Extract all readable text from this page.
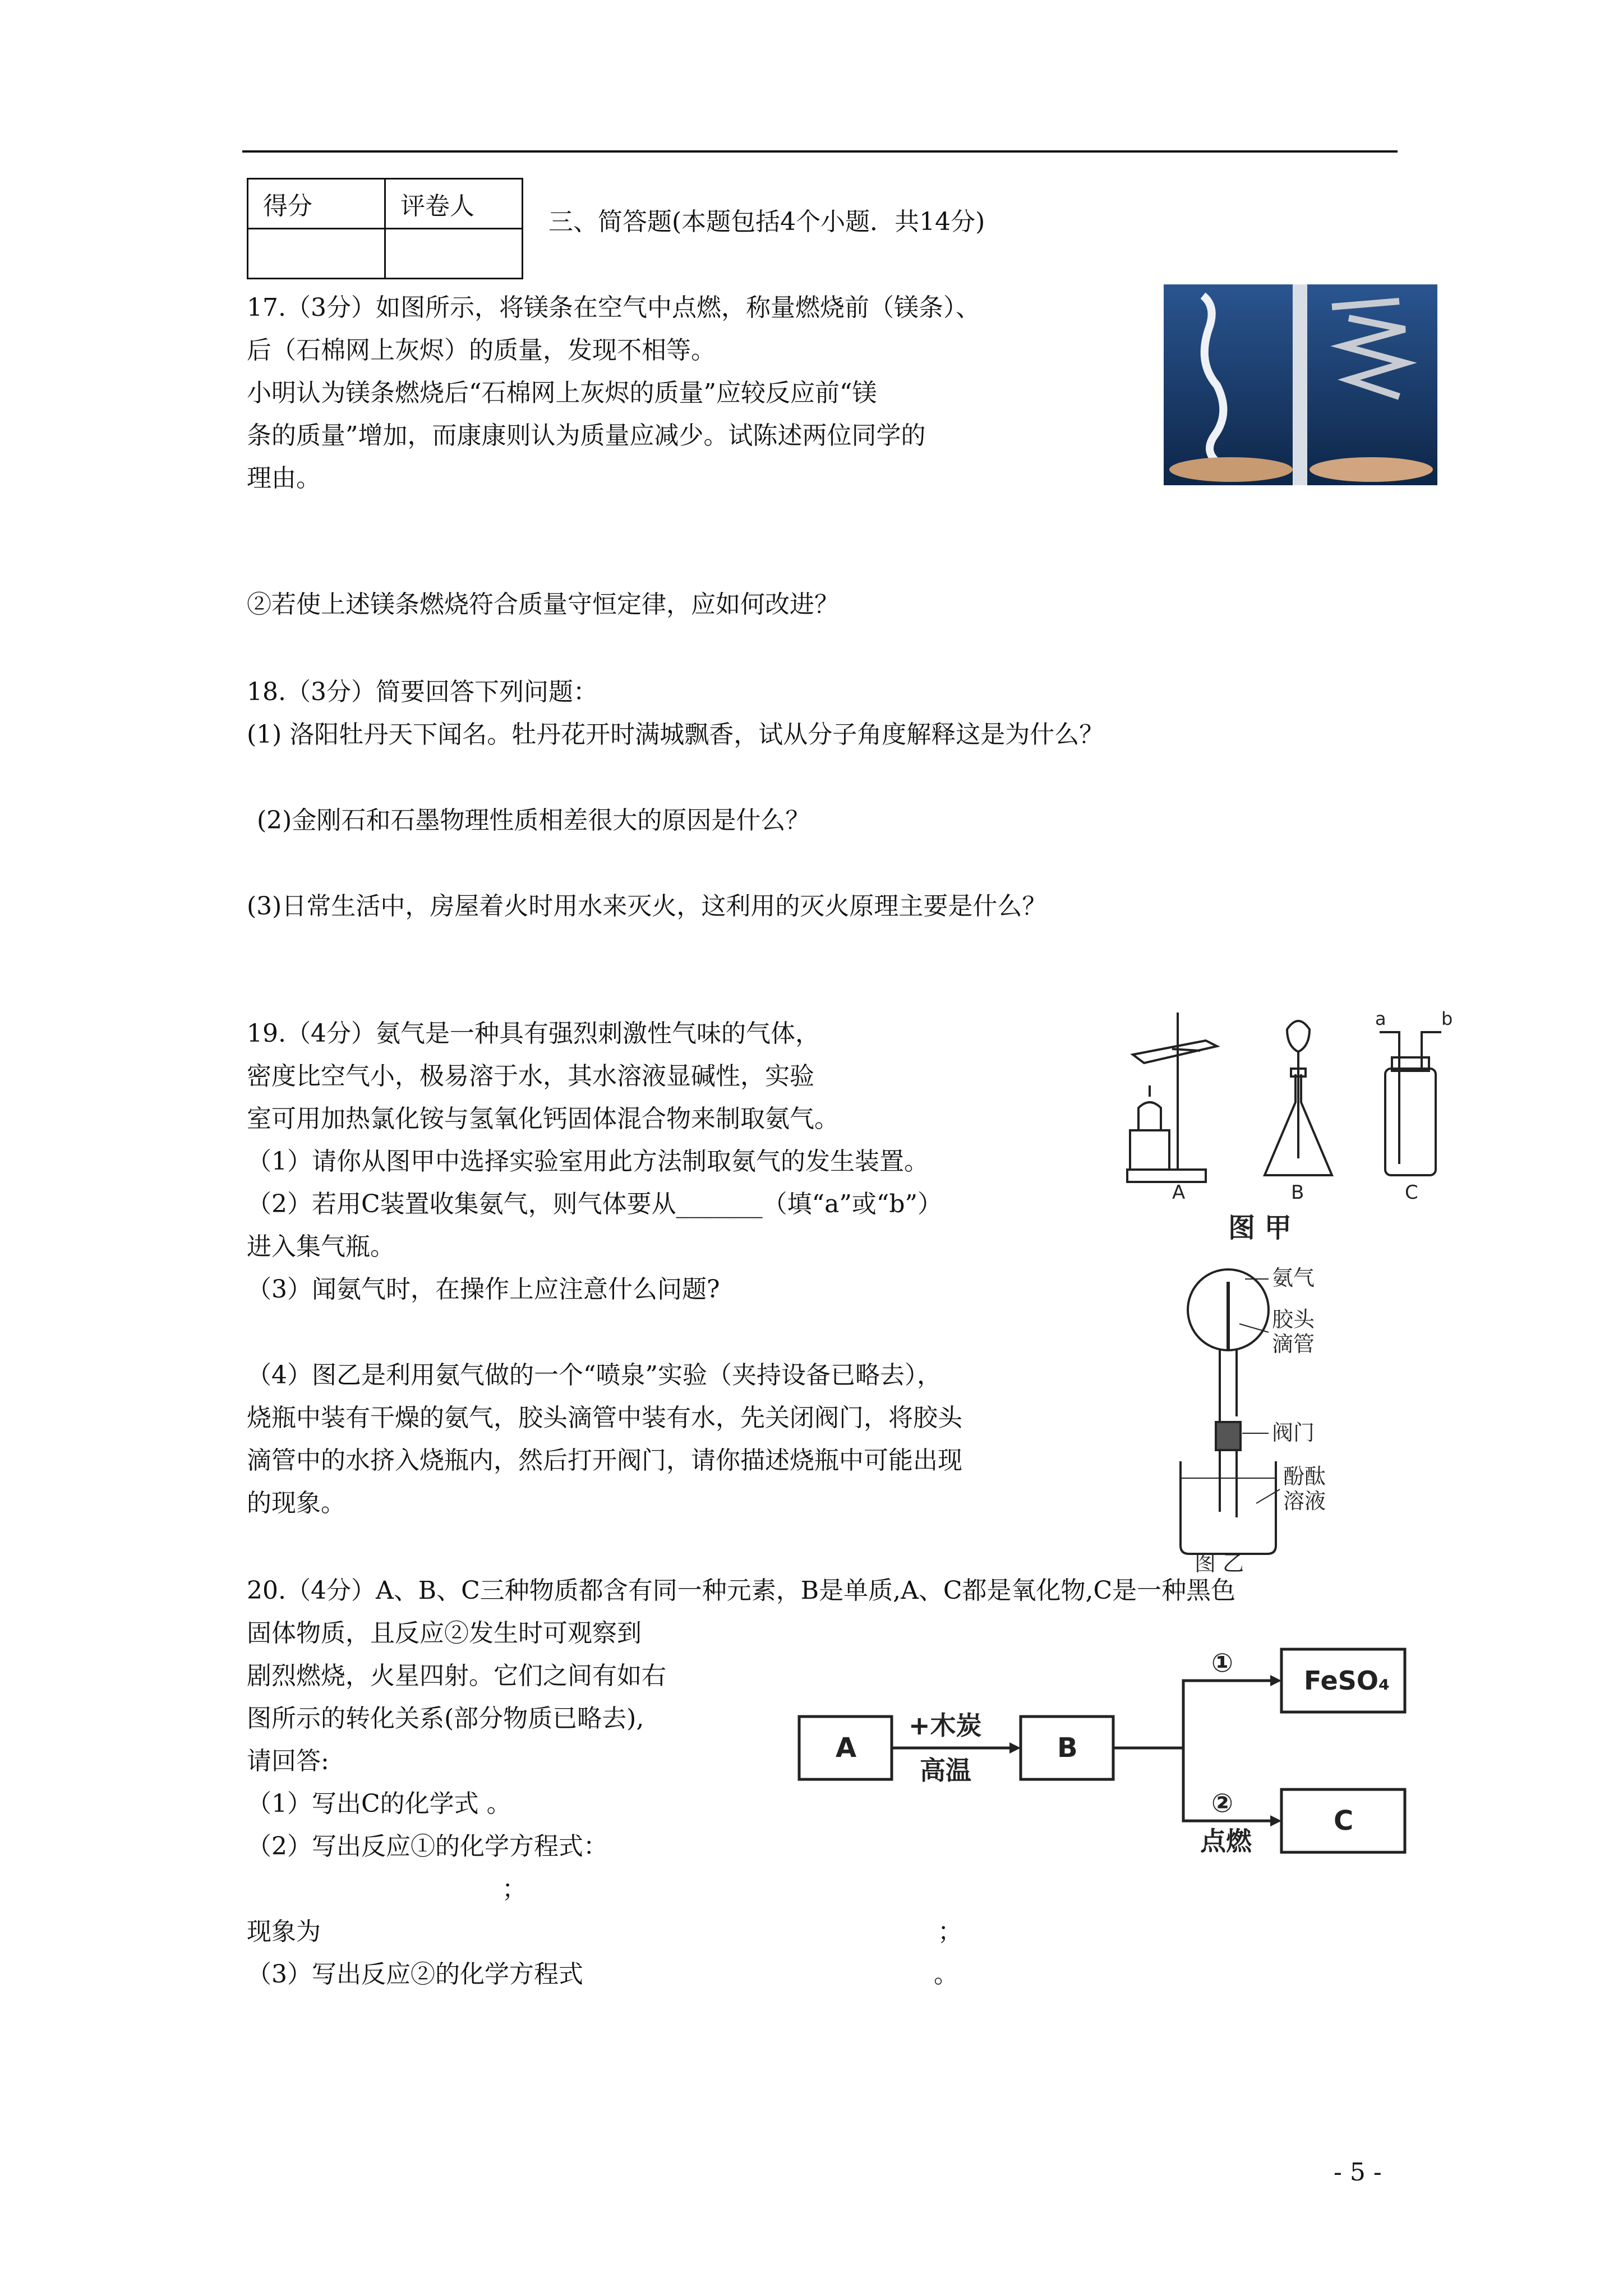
得分	评卷人

三、简答题(本题包括4个小题．共14分)
17.（3分）如图所示，将镁条在空气中点燃，称量燃烧前（镁条）、
后（石棉网上灰烬）的质量，发现不相等。
小明认为镁条燃烧后“石棉网上灰烬的质量”应较反应前“镁
条的质量”增加，而康康则认为质量应减少。试陈述两位同学的
理由。
②若使上述镁条燃烧符合质量守恒定律，应如何改进？
18.（3分）简要回答下列问题：
(1) 洛阳牡丹天下闻名。牡丹花开时满城飘香，试从分子角度解释这是为什么？
(2)金刚石和石墨物理性质相差很大的原因是什么？
(3)日常生活中，房屋着火时用水来灭火，这利用的灭火原理主要是什么？
19.（4分）氨气是一种具有强烈刺激性气味的气体，
密度比空气小，极易溶于水，其水溶液显碱性，实验
室可用加热氯化铵与氢氧化钙固体混合物来制取氨气。
（1）请你从图甲中选择实验室用此方法制取氨气的发生装置。
（2）若用C装置收集氨气，则气体要从_______（填“a”或“b”）
进入集气瓶。
（3）闻氨气时，在操作上应注意什么问题?
（4）图乙是利用氨气做的一个“喷泉”实验（夹持设备已略去），
烧瓶中装有干燥的氨气，胶头滴管中装有水，先关闭阀门，将胶头
滴管中的水挤入烧瓶内，然后打开阀门，请你描述烧瓶中可能出现
的现象。
A	B	C
a	b
图 甲
氨气
胶头
滴管
阀门
酚酞
溶液
图 乙
20.（4分）A、B、C三种物质都含有同一种元素，B是单质,A、C都是氧化物,C是一种黑色
固体物质，且反应②发生时可观察到
剧烈燃烧，火星四射。它们之间有如右
图所示的转化关系(部分物质已略去),
请回答:
（1）写出C的化学式 。
（2）写出反应①的化学方程式：
；
现象为	；
（3）写出反应②的化学方程式	。
A	B
FeSO₄
C
+木炭
高温
①
②
点燃
- 5 -
